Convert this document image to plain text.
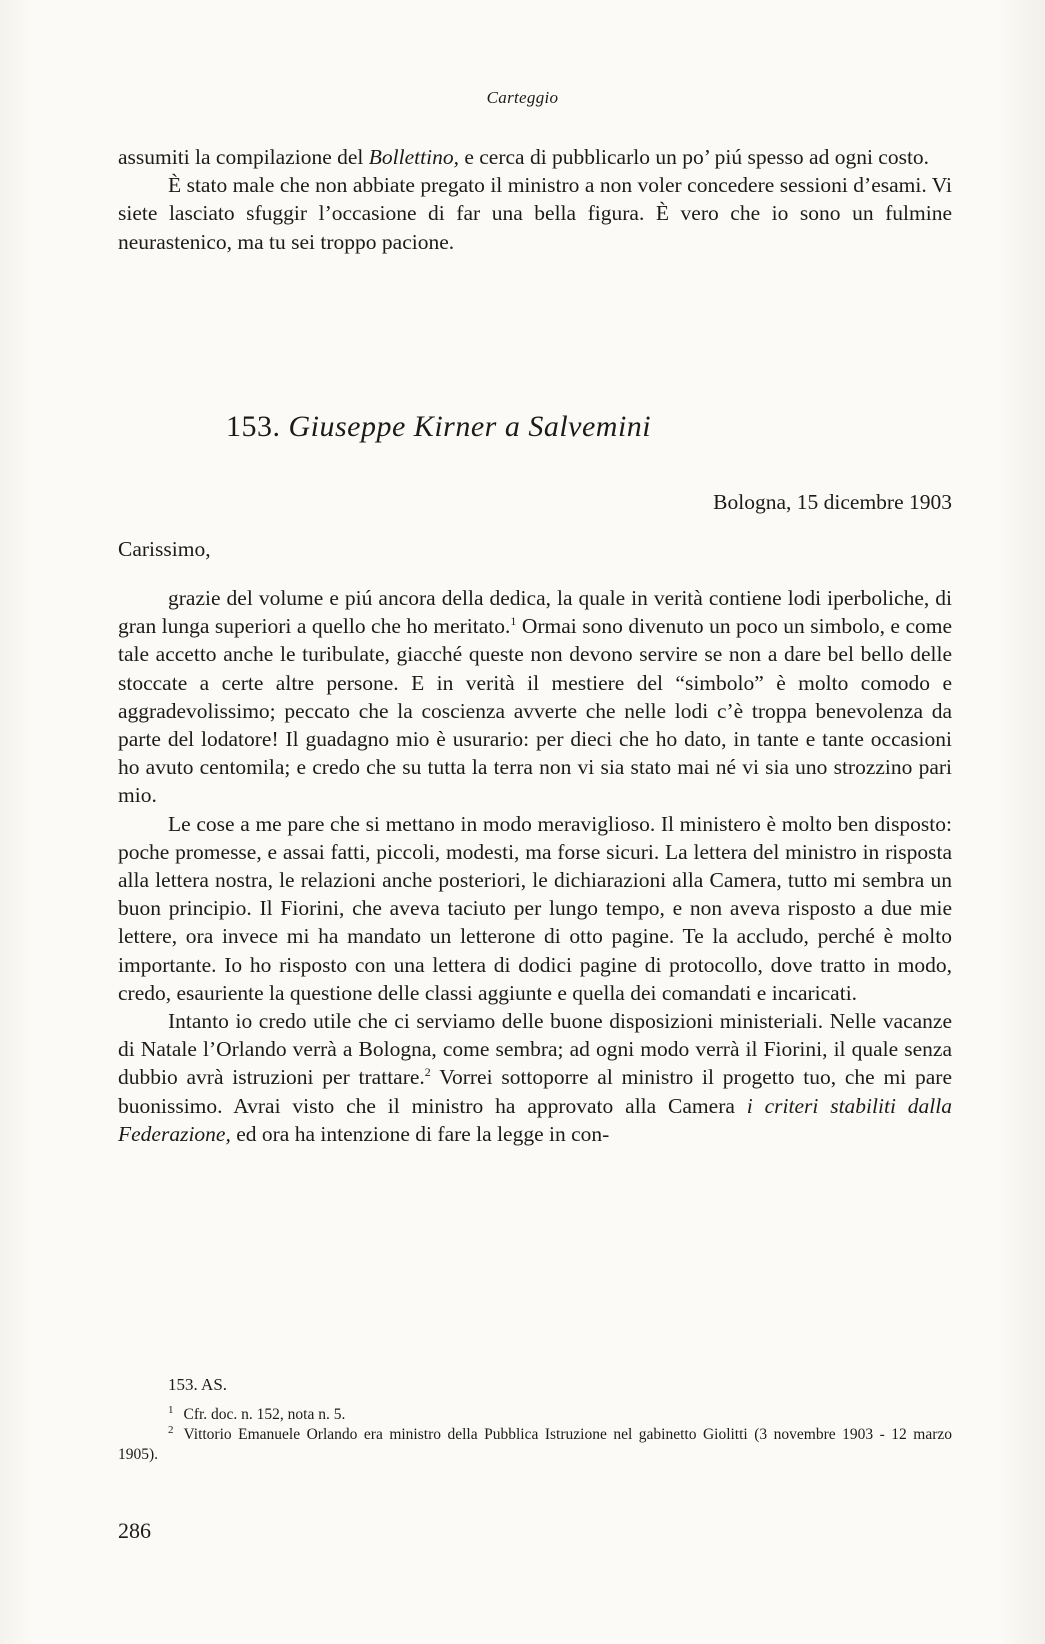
Carteggio

assumiti la compilazione del Bollettino, e cerca di pubblicarlo un po’ piú spesso ad ogni costo.

È stato male che non abbiate pregato il ministro a non voler concedere sessioni d’esami. Vi siete lasciato sfuggir l’occasione di far una bella figura. È vero che io sono un fulmine neurastenico, ma tu sei troppo pacione.

153. Giuseppe Kirner a Salvemini
Bologna, 15 dicembre 1903
Carissimo,

grazie del volume e piú ancora della dedica, la quale in verità contiene lodi iperboliche, di gran lunga superiori a quello che ho meritato.$^1$ Ormai sono divenuto un poco un simbolo, e come tale accetto anche le turibulate, giacché queste non devono servire se non a dare bel bello delle stoccate a certe altre persone. E in verità il mestiere del “simbolo” è molto comodo e aggradevolissimo; peccato che la coscienza avverte che nelle lodi c’è troppa benevolenza da parte del lodatore! Il guadagno mio è usurario: per dieci che ho dato, in tante e tante occasioni ho avuto centomila; e credo che su tutta la terra non vi sia stato mai né vi sia uno strozzino pari mio.

Le cose a me pare che si mettano in modo meraviglioso. Il ministero è molto ben disposto: poche promesse, e assai fatti, piccoli, modesti, ma forse sicuri. La lettera del ministro in risposta alla lettera nostra, le relazioni anche posteriori, le dichiarazioni alla Camera, tutto mi sembra un buon principio. Il Fiorini, che aveva taciuto per lungo tempo, e non aveva risposto a due mie lettere, ora invece mi ha mandato un letterone di otto pagine. Te la accludo, perché è molto importante. Io ho risposto con una lettera di dodici pagine di protocollo, dove tratto in modo, credo, esauriente la questione delle classi aggiunte e quella dei comandati e incaricati.

Intanto io credo utile che ci serviamo delle buone disposizioni ministeriali. Nelle vacanze di Natale l’Orlando verrà a Bologna, come sembra; ad ogni modo verrà il Fiorini, il quale senza dubbio avrà istruzioni per trattare.$^2$ Vorrei sottoporre al ministro il progetto tuo, che mi pare buonissimo. Avrai visto che il ministro ha approvato alla Camera i criteri stabiliti dalla Federazione, ed ora ha intenzione di fare la legge in con-

153. AS.

$^1$ Cfr. doc. n. 152, nota n. 5.

$^2$ Vittorio Emanuele Orlando era ministro della Pubblica Istruzione nel gabinetto Giolitti (3 novembre 1903 - 12 marzo 1905).

286
